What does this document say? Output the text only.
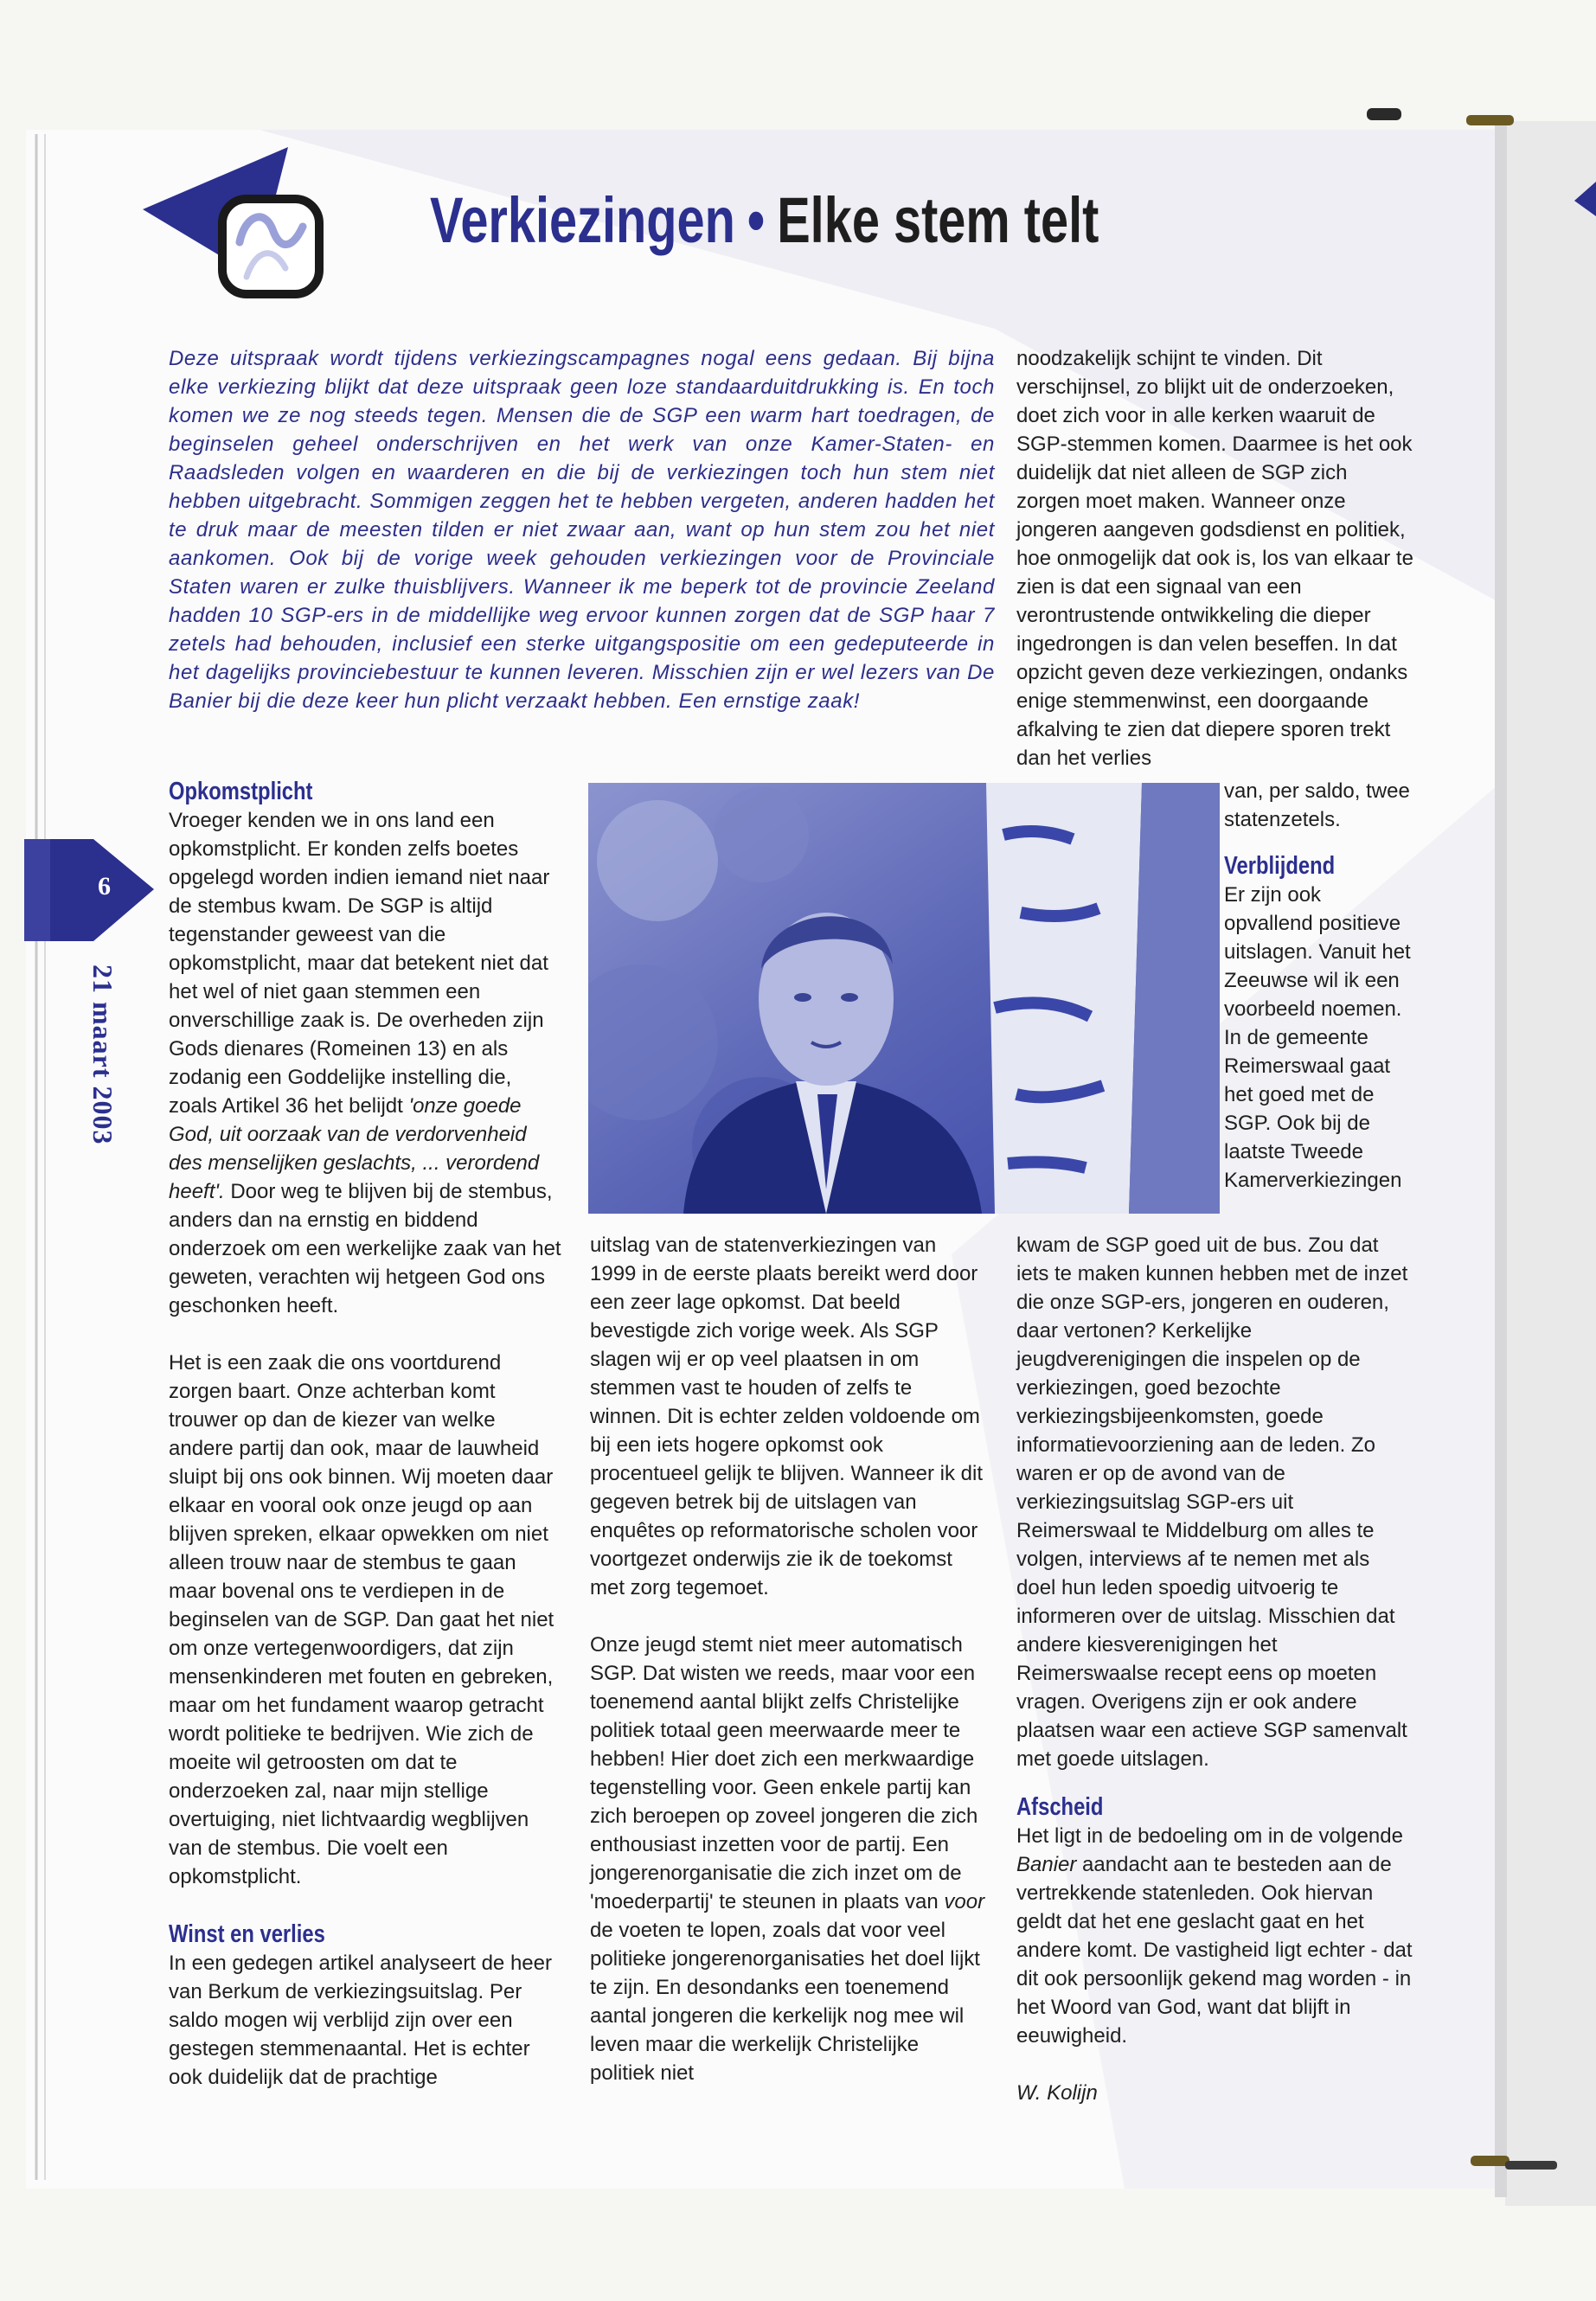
Verkiezingen • Elke stem telt
Deze uitspraak wordt tijdens verkiezingscampagnes nogal eens gedaan. Bij bijna elke verkiezing blijkt dat deze uitspraak geen loze standaarduitdrukking is. En toch komen we ze nog steeds tegen. Mensen die de SGP een warm hart toedragen, de beginselen geheel onderschrijven en het werk van onze Kamer-Staten- en Raadsleden volgen en waarderen en die bij de verkiezingen toch hun stem niet hebben uitgebracht. Sommigen zeggen het te hebben vergeten, anderen hadden het te druk maar de meesten tilden er niet zwaar aan, want op hun stem zou het niet aankomen. Ook bij de vorige week gehouden verkiezingen voor de Provinciale Staten waren er zulke thuisblijvers. Wanneer ik me beperk tot de provincie Zeeland hadden 10 SGP-ers in de middellijke weg ervoor kunnen zorgen dat de SGP haar 7 zetels had behouden, inclusief een sterke uitgangspositie om een gedeputeerde in het dagelijks provinciebestuur te kunnen leveren. Misschien zijn er wel lezers van De Banier bij die deze keer hun plicht verzaakt hebben. Een ernstige zaak!
6
21 maart 2003
Opkomstplicht

Vroeger kenden we in ons land een opkomstplicht. Er konden zelfs boetes opgelegd worden indien iemand niet naar de stembus kwam. De SGP is altijd tegenstander geweest van die opkomstplicht, maar dat betekent niet dat het wel of niet gaan stemmen een onverschillige zaak is. De overheden zijn Gods dienares (Romeinen 13) en als zodanig een Goddelijke instelling die, zoals Artikel 36 het belijdt 'onze goede God, uit oorzaak van de verdorvenheid des menselijken geslachts, ... verordend heeft'. Door weg te blijven bij de stembus, anders dan na ernstig en biddend onderzoek om een werkelijke zaak van het geweten, verachten wij hetgeen God ons geschonken heeft.

Het is een zaak die ons voortdurend zorgen baart. Onze achterban komt trouwer op dan de kiezer van welke andere partij dan ook, maar de lauwheid sluipt bij ons ook binnen. Wij moeten daar elkaar en vooral ook onze jeugd op aan blijven spreken, elkaar opwekken om niet alleen trouw naar de stembus te gaan maar bovenal ons te verdiepen in de beginselen van de SGP. Dan gaat het niet om onze vertegenwoordigers, dat zijn mensenkinderen met fouten en gebreken, maar om het fundament waarop getracht wordt politieke te bedrijven. Wie zich de moeite wil getroosten om dat te onderzoeken zal, naar mijn stellige overtuiging, niet lichtvaardig wegblijven van de stembus. Die voelt een opkomstplicht.

Winst en verlies

In een gedegen artikel analyseert de heer van Berkum de verkiezingsuitslag. Per saldo mogen wij verblijd zijn over een gestegen stemmenaantal. Het is echter ook duidelijk dat de prachtige

uitslag van de statenverkiezingen van 1999 in de eerste plaats bereikt werd door een zeer lage opkomst. Dat beeld bevestigde zich vorige week. Als SGP slagen wij er op veel plaatsen in om stemmen vast te houden of zelfs te winnen. Dit is echter zelden voldoende om bij een iets hogere opkomst ook procentueel gelijk te blijven. Wanneer ik dit gegeven betrek bij de uitslagen van enquêtes op reformatorische scholen voor voortgezet onderwijs zie ik de toekomst met zorg tegemoet.

Onze jeugd stemt niet meer automatisch SGP. Dat wisten we reeds, maar voor een toenemend aantal blijkt zelfs Christelijke politiek totaal geen meerwaarde meer te hebben! Hier doet zich een merkwaardige tegenstelling voor. Geen enkele partij kan zich beroepen op zoveel jongeren die zich enthousiast inzetten voor de partij. Een jongerenorganisatie die zich inzet om de 'moederpartij' te steunen in plaats van voor de voeten te lopen, zoals dat voor veel politieke jongerenorganisaties het doel lijkt te zijn. En desondanks een toenemend aantal jongeren die kerkelijk nog mee wil leven maar die werkelijk Christelijke politiek niet

noodzakelijk schijnt te vinden. Dit verschijnsel, zo blijkt uit de onderzoeken, doet zich voor in alle kerken waaruit de SGP-stemmen komen. Daarmee is het ook duidelijk dat niet alleen de SGP zich zorgen moet maken. Wanneer onze jongeren aangeven godsdienst en politiek, hoe onmogelijk dat ook is, los van elkaar te zien is dat een signaal van een verontrustende ontwikkeling die dieper ingedrongen is dan velen beseffen. In dat opzicht geven deze verkiezingen, ondanks enige stemmenwinst, een doorgaande afkalving te zien dat diepere sporen trekt dan het verlies

van, per saldo, twee statenzetels.

Verblijdend

Er zijn ook opvallend positieve uitslagen. Vanuit het Zeeuwse wil ik een voorbeeld noemen. In de gemeente Reimerswaal gaat het goed met de SGP. Ook bij de laatste Tweede Kamerverkiezingen

kwam de SGP goed uit de bus. Zou dat iets te maken kunnen hebben met de inzet die onze SGP-ers, jongeren en ouderen, daar vertonen? Kerkelijke jeugdverenigingen die inspelen op de verkiezingen, goed bezochte verkiezingsbijeenkomsten, goede informatievoorziening aan de leden. Zo waren er op de avond van de verkiezingsuitslag SGP-ers uit Reimerswaal te Middelburg om alles te volgen, interviews af te nemen met als doel hun leden spoedig uitvoerig te informeren over de uitslag. Misschien dat andere kiesverenigingen het Reimerswaalse recept eens op moeten vragen. Overigens zijn er ook andere plaatsen waar een actieve SGP samenvalt met goede uitslagen.

Afscheid

Het ligt in de bedoeling om in de volgende Banier aandacht aan te besteden aan de vertrekkende statenleden. Ook hiervan geldt dat het ene geslacht gaat en het andere komt. De vastigheid ligt echter - dat dit ook persoonlijk gekend mag worden - in het Woord van God, want dat blijft in eeuwigheid.

W. Kolijn
